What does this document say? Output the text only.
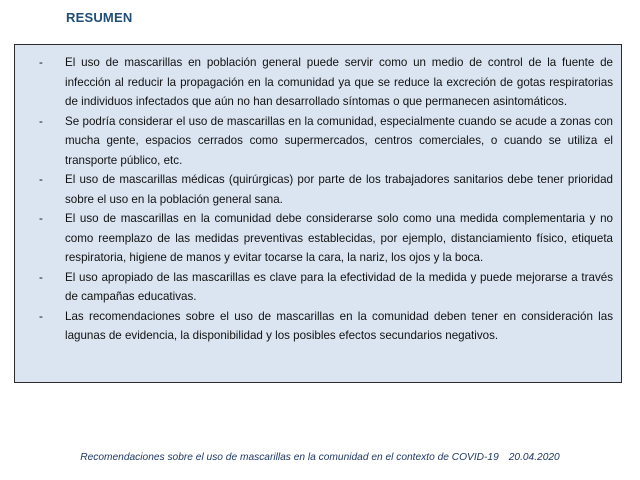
RESUMEN
- El uso de mascarillas en población general puede servir como un medio de control de la fuente de infección al reducir la propagación en la comunidad ya que se reduce la excreción de gotas respiratorias de individuos infectados que aún no han desarrollado síntomas o que permanecen asintomáticos.
- Se podría considerar el uso de mascarillas en la comunidad, especialmente cuando se acude a zonas con mucha gente, espacios cerrados como supermercados, centros comerciales, o cuando se utiliza el transporte público, etc.
- El uso de mascarillas médicas (quirúrgicas) por parte de los trabajadores sanitarios debe tener prioridad sobre el uso en la población general sana.
- El uso de mascarillas en la comunidad debe considerarse solo como una medida complementaria y no como reemplazo de las medidas preventivas establecidas, por ejemplo, distanciamiento físico, etiqueta respiratoria, higiene de manos y evitar tocarse la cara, la nariz, los ojos y la boca.
- El uso apropiado de las mascarillas es clave para la efectividad de la medida y puede mejorarse a través de campañas educativas.
- Las recomendaciones sobre el uso de mascarillas en la comunidad deben tener en consideración las lagunas de evidencia, la disponibilidad y los posibles efectos secundarios negativos.
Recomendaciones sobre el uso de mascarillas en la comunidad en el contexto de COVID-19 20.04.2020
